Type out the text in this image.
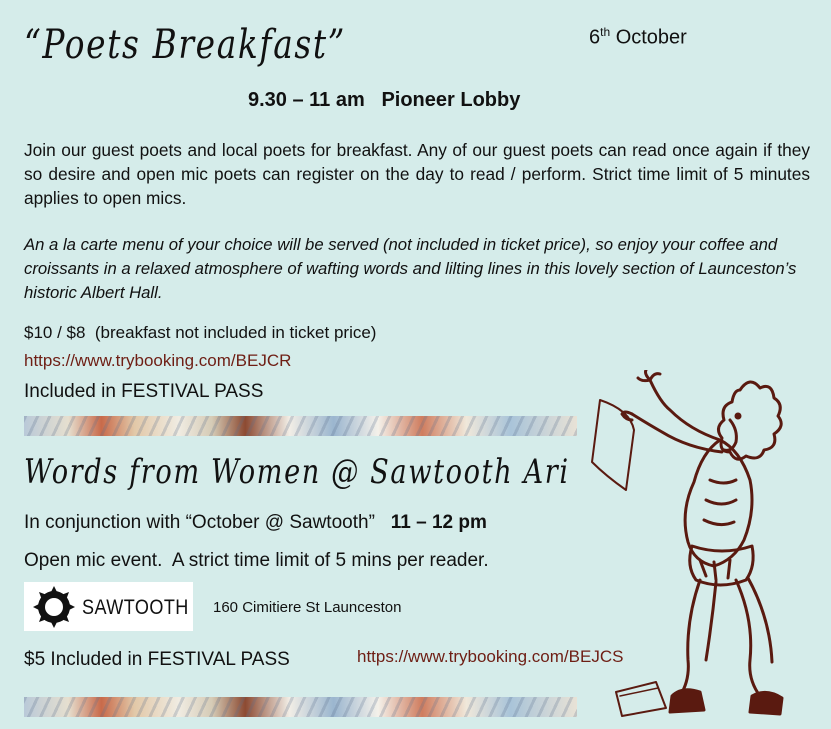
“Poets Breakfast”	6th October
9.30 – 11 am   Pioneer Lobby
Join our guest poets and local poets for breakfast. Any of our guest poets can read once again if they so desire and open mic poets can register on the day to read / perform. Strict time limit of 5 minutes applies to open mics.
An a la carte menu of your choice will be served (not included in ticket price), so enjoy your coffee and croissants in a relaxed atmosphere of wafting words and lilting lines in this lovely section of Launceston’s historic Albert Hall.
$10 / $8  (breakfast not included in ticket price)
https://www.trybooking.com/BEJCR
Included in FESTIVAL PASS
Words from Women @ Sawtooth Ari
In conjunction with “October @ Sawtooth” 11 – 12 pm
Open mic event.  A strict time limit of 5 mins per reader.
SAWTOOTH 160 Cimitiere St Launceston
$5 Included in FESTIVAL PASS	https://www.trybooking.com/BEJCS
